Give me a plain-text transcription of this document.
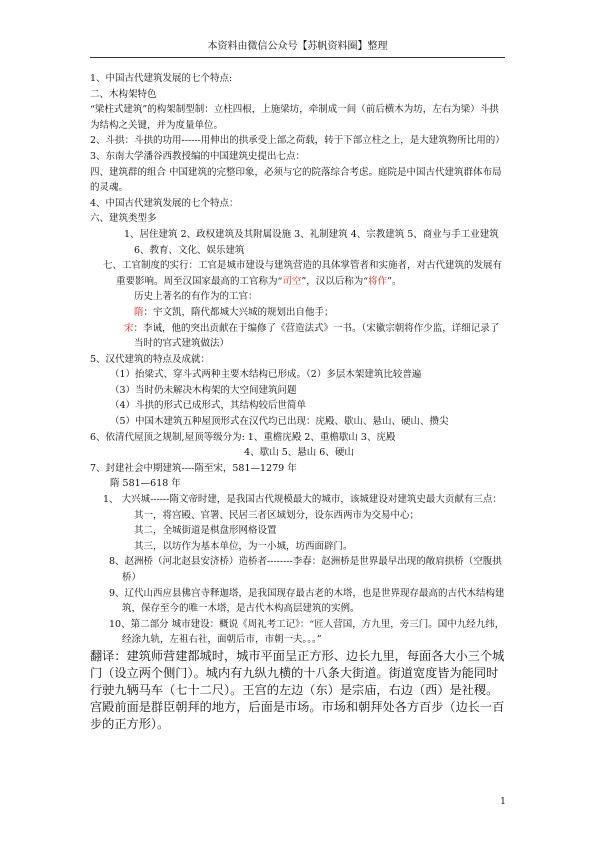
本资料由微信公众号【苏帆资料圈】整理

1、中国古代建筑发展的七个特点:

二、木构架特色

“梁柱式建筑”的构架制型制：立柱四根，上施梁坊，牵制成一间（前后横木为坊，左右为梁）斗拱为结构之关键，并为度量单位。

2、斗拱：斗拱的功用------用伸出的拱承受上部之荷载，转于下部立柱之上，是大建筑物所比用的）

3、东南大学潘谷西教授编的中国建筑史提出七点：

四、建筑群的组合 中国建筑的完整印象，必须与它的院落综合考虑。庭院是中国古代建筑群体布局的灵魂。

4、中国古代建筑发展的七个特点：

六、建筑类型多

1、居住建筑 2、政权建筑及其附属设施 3、礼制建筑 4、宗教建筑 5、商业与手工业建筑 6、教育、文化、娱乐建筑

七、工官制度的实行：工官是城市建设与建筑营造的具体掌管者和实施者，对古代建筑的发展有重要影响。周至汉国家最高的工官称为“司空”，汉以后称为“将作”。

历史上著名的有作为的工官：

隋：宇文凯，隋代都城大兴城的规划出自他手；

宋：李诫，他的突出贡献在于编修了《营造法式》一书。（宋徽宗朝将作少监，详细记录了当时的官式建筑做法）

5、汉代建筑的特点及成就：

（1）抬梁式、穿斗式两种主要木结构已形成。（2）多层木架建筑比较普遍

（3）当时仍未解决木构架的大空间建筑问题

（4）斗拱的形式已成形式，其结构较后世简单

（5）中国木建筑五种屋顶形式在汉代均已出现：庑殿、歇山、悬山、硬山、攒尖

6、依清代屋顶之规制,屋顶等级分为: 1、重檐庑殿 2、重檐歇山 3、庑殿

4、歇山 5、悬山 6、硬山

7、封建社会中期建筑----隋至宋，581—1279 年

隋 581—618 年

1、 大兴城------隋文帝时建，是我国古代规模最大的城市，该城建设对建筑史最大贡献有三点：

其一，将宫殿、官署、民居三者区域划分，设东西两市为交易中心；

其二，全城街道是棋盘形网格设置

其三，以坊作为基本单位，为一小城，坊西面辟门。

8、赵洲桥（河北赵县安济桥）造桥者--------李春：赵洲桥是世界最早出现的敞肩拱桥（空腹拱桥）

9、辽代山西应县佛宫寺释迦塔，是我国现存最古老的木塔，也是世界现存最高的古代木结构建筑，保存至今的唯一木塔，是古代木构高层建筑的实例。

10、第二部分 城市建设：概说《周礼考工记》：“匠人营国，方九里，旁三门。国中九经九纬，经涂九轨，左祖右社，面朝后市，市朝一夫。。。”

翻译：建筑师营建都城时，城市平面呈正方形、边长九里，每面各大小三个城门（设立两个侧门）。城内有九纵九横的十八条大街道。街道宽度皆为能同时行驶九辆马车（七十二尺）。王宫的左边（东）是宗庙，右边（西）是社稷。宫殿前面是群臣朝拜的地方，后面是市场。市场和朝拜处各方百步（边长一百步的正方形）。

1
